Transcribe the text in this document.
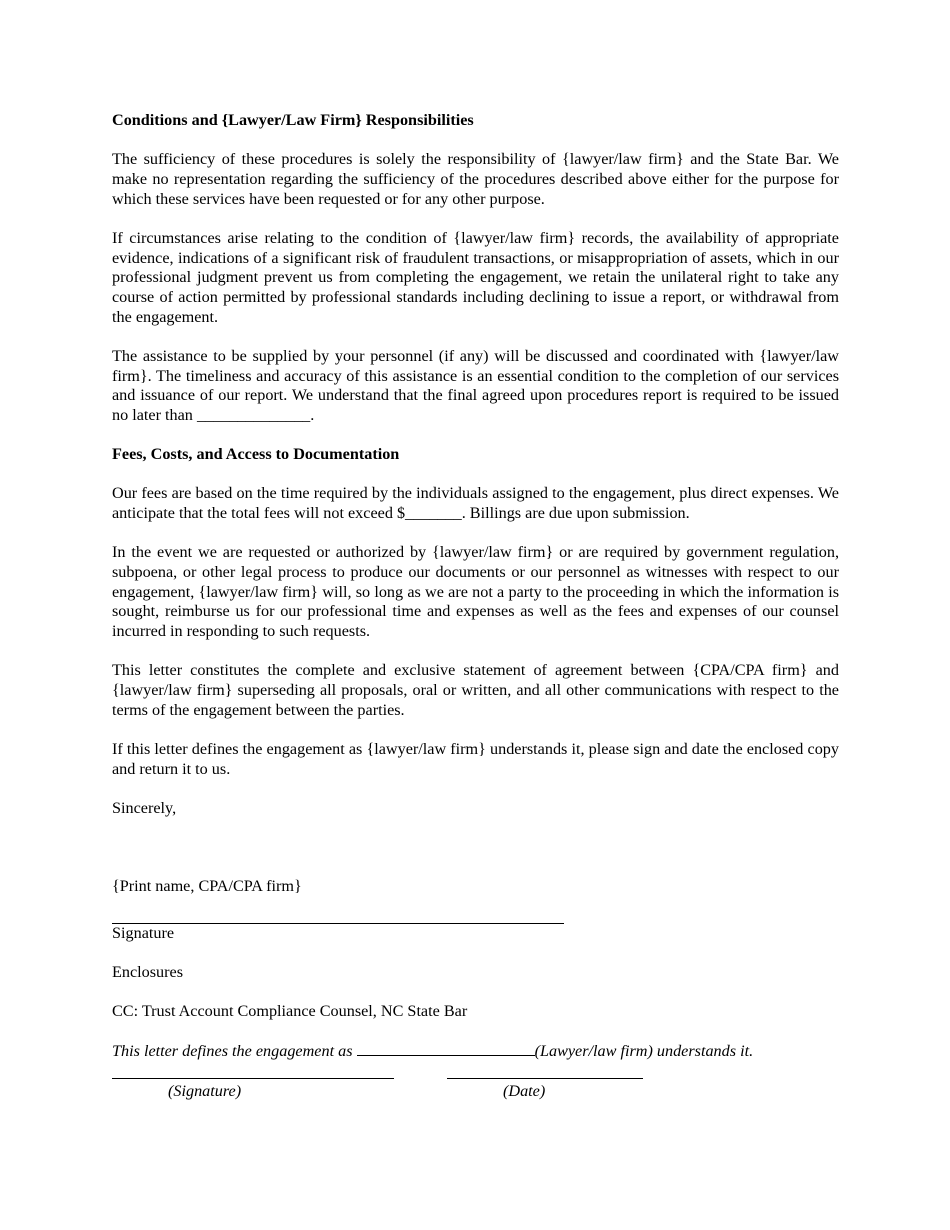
Conditions and {Lawyer/Law Firm} Responsibilities

The sufficiency of these procedures is solely the responsibility of {lawyer/law firm} and the State Bar. We make no representation regarding the sufficiency of the procedures described above either for the purpose for which these services have been requested or for any other purpose.

If circumstances arise relating to the condition of {lawyer/law firm} records, the availability of appropriate evidence, indications of a significant risk of fraudulent transactions, or misappropriation of assets, which in our professional judgment prevent us from completing the engagement, we retain the unilateral right to take any course of action permitted by professional standards including declining to issue a report, or withdrawal from the engagement.

The assistance to be supplied by your personnel (if any) will be discussed and coordinated with {lawyer/law firm}. The timeliness and accuracy of this assistance is an essential condition to the completion of our services and issuance of our report. We understand that the final agreed upon procedures report is required to be issued no later than ______________.

Fees, Costs, and Access to Documentation

Our fees are based on the time required by the individuals assigned to the engagement, plus direct expenses. We anticipate that the total fees will not exceed $_______. Billings are due upon submission.

In the event we are requested or authorized by {lawyer/law firm} or are required by government regulation, subpoena, or other legal process to produce our documents or our personnel as witnesses with respect to our engagement, {lawyer/law firm} will, so long as we are not a party to the proceeding in which the information is sought, reimburse us for our professional time and expenses as well as the fees and expenses of our counsel incurred in responding to such requests.

This letter constitutes the complete and exclusive statement of agreement between {CPA/CPA firm} and {lawyer/law firm} superseding all proposals, oral or written, and all other communications with respect to the terms of the engagement between the parties.

If this letter defines the engagement as {lawyer/law firm} understands it, please sign and date the enclosed copy and return it to us.

Sincerely,
{Print name, CPA/CPA firm}
Signature
Enclosures
CC: Trust Account Compliance Counsel, NC State Bar
This letter defines the engagement as	(Lawyer/law firm) understands it.
(Signature)	(Date)
